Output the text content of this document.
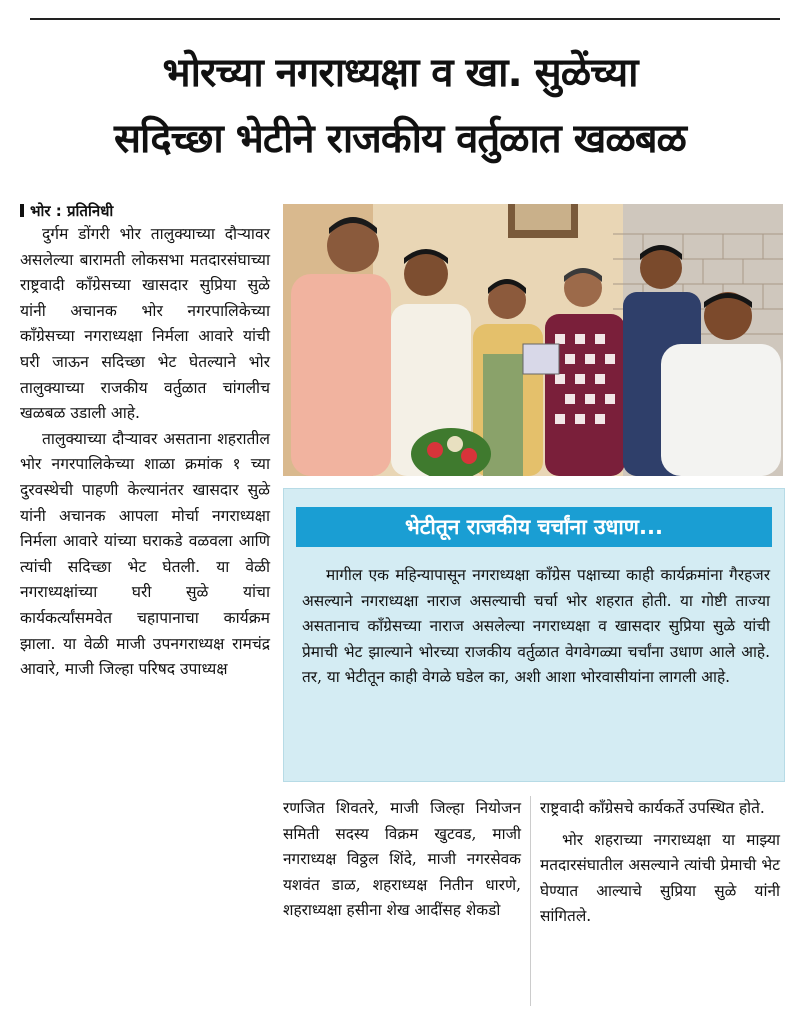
भोरच्या नगराध्यक्षा व खा. सुळेंच्या
सदिच्छा भेटीने राजकीय वर्तुळात खळबळ

भोर : प्रतिनिधी

दुर्गम डोंगरी भोर तालुक्याच्या दौऱ्यावर असलेल्या बारामती लोकसभा मतदारसंघाच्या राष्ट्रवादी काँग्रेसच्या खासदार सुप्रिया सुळे यांनी अचानक भोर नगरपालिकेच्या काँग्रेसच्या नगराध्यक्षा निर्मला आवारे यांची घरी जाऊन सदिच्छा भेट घेतल्याने भोर तालुक्याच्या राजकीय वर्तुळात चांगलीच खळबळ उडाली आहे.

तालुक्याच्या दौऱ्यावर असताना शहरातील भोर नगरपालिकेच्या शाळा क्रमांक १ च्या दुरवस्थेची पाहणी केल्यानंतर खासदार सुळे यांनी अचानक आपला मोर्चा नगराध्यक्षा निर्मला आवारे यांच्या घराकडे वळवला आणि त्यांची सदिच्छा भेट घेतली. या वेळी नगराध्यक्षांच्या घरी सुळे यांचा कार्यकर्त्यांसमवेत चहापानाचा कार्यक्रम झाला. या वेळी माजी उपनगराध्यक्ष रामचंद्र आवारे, माजी जिल्हा परिषद उपाध्यक्ष

भेटीतून राजकीय चर्चांना उधाण...

मागील एक महिन्यापासून नगराध्यक्षा काँग्रेस पक्षाच्या काही कार्यक्रमांना गैरहजर असल्याने नगराध्यक्षा नाराज असल्याची चर्चा भोर शहरात होती. या गोष्टी ताज्या असतानाच काँग्रेसच्या नाराज असलेल्या नगराध्यक्षा व खासदार सुप्रिया सुळे यांची प्रेमाची भेट झाल्याने भोरच्या राजकीय वर्तुळात वेगवेगळ्या चर्चांना उधाण आले आहे. तर, या भेटीतून काही वेगळे घडेल का, अशी आशा भोरवासीयांना लागली आहे.

रणजित शिवतरे, माजी जिल्हा नियोजन समिती सदस्य विक्रम खुटवड, माजी नगराध्यक्ष विठ्ठल शिंदे, माजी नगरसेवक यशवंत डाळ, शहराध्यक्ष नितीन धारणे, शहराध्यक्षा हसीना शेख आदींसह शेकडो

राष्ट्रवादी काँग्रेसचे कार्यकर्ते उपस्थित होते.

भोर शहराच्या नगराध्यक्षा या माझ्या मतदारसंघातील असल्याने त्यांची प्रेमाची भेट घेण्यात आल्याचे सुप्रिया सुळे यांनी सांगितले.
